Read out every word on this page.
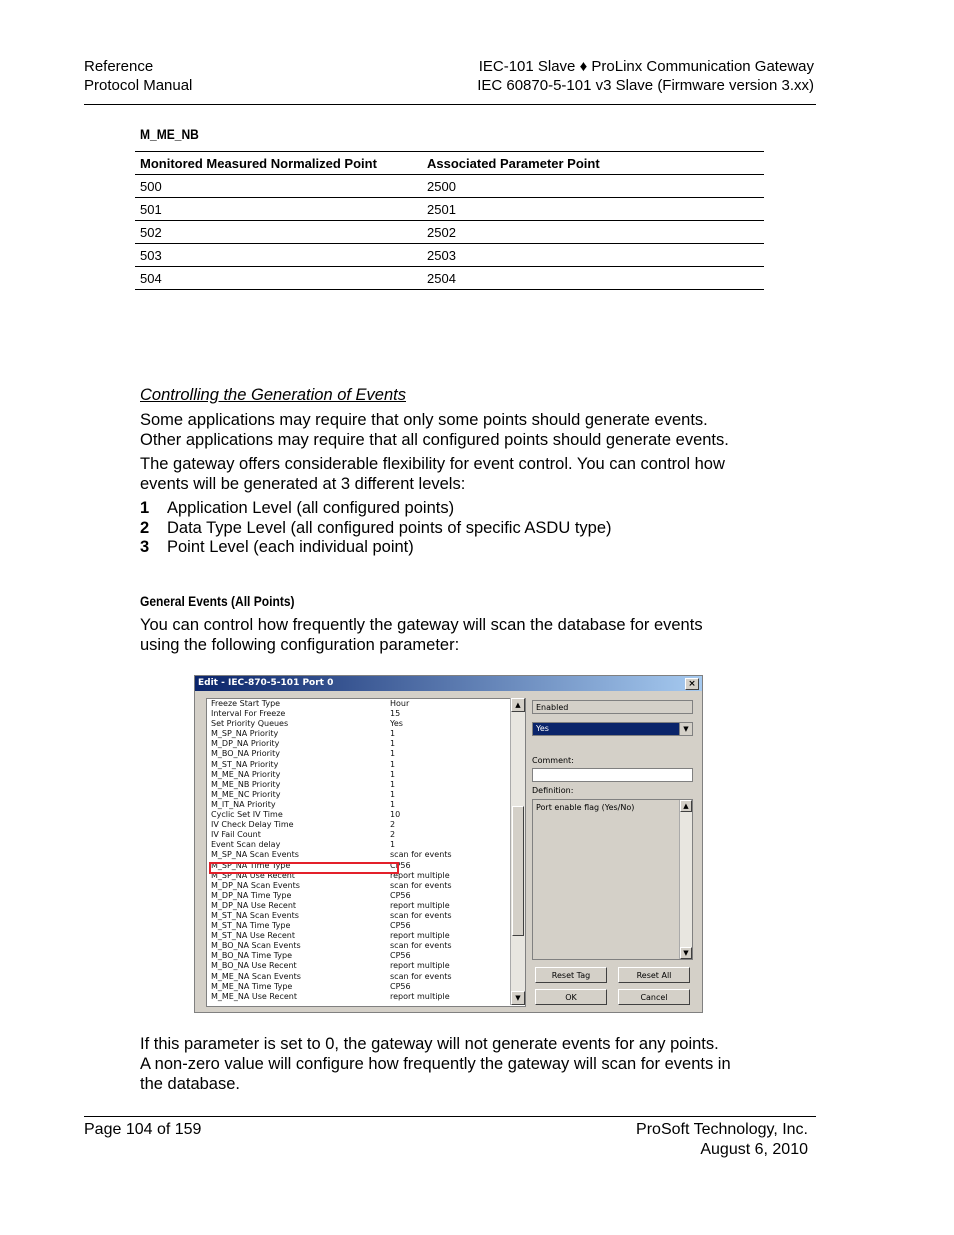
Reference
Protocol Manual
IEC-101 Slave ♦ ProLinx Communication Gateway
IEC 60870-5-101 v3 Slave (Firmware version 3.xx)
M_ME_NB
Monitored Measured Normalized Point	Associated Parameter Point
500	2500
501	2501
502	2502
503	2503
504	2504
Controlling the Generation of Events
Some applications may require that only some points should generate events.
Other applications may require that all configured points should generate events.
The gateway offers considerable flexibility for event control. You can control how
events will be generated at 3 different levels:
1 Application Level (all configured points)
2 Data Type Level (all configured points of specific ASDU type)
3 Point Level (each individual point)
General Events (All Points)
You can control how frequently the gateway will scan the database for events
using the following configuration parameter:
Edit - IEC-870-5-101 Port 0	×
Freeze Start Type	Hour
Interval For Freeze	15
Set Priority Queues	Yes
M_SP_NA Priority	1
M_DP_NA Priority	1
M_BO_NA Priority	1
M_ST_NA Priority	1
M_ME_NA Priority	1
M_ME_NB Priority	1
M_ME_NC Priority	1
M_IT_NA Priority	1
Cyclic Set IV Time	10
IV Check Delay Time	2
IV Fail Count	2
Event Scan delay	1
M_SP_NA Scan Events	scan for events
M_SP_NA Time Type	CP56
M_SP_NA Use Recent	report multiple
M_DP_NA Scan Events	scan for events
M_DP_NA Time Type	CP56
M_DP_NA Use Recent	report multiple
M_ST_NA Scan Events	scan for events
M_ST_NA Time Type	CP56
M_ST_NA Use Recent	report multiple
M_BO_NA Scan Events	scan for events
M_BO_NA Time Type	CP56
M_BO_NA Use Recent	report multiple
M_ME_NA Scan Events	scan for events
M_ME_NA Time Type	CP56
M_ME_NA Use Recent	report multiple
▲
▼
Enabled
Yes	▼
Comment:
Definition:
Port enable flag (Yes/No)	▲
▼
Reset Tag	Reset All
OK	Cancel
If this parameter is set to 0, the gateway will not generate events for any points.
A non-zero value will configure how frequently the gateway will scan for events in
the database.
Page 104 of 159	ProSoft Technology, Inc.
August 6, 2010
